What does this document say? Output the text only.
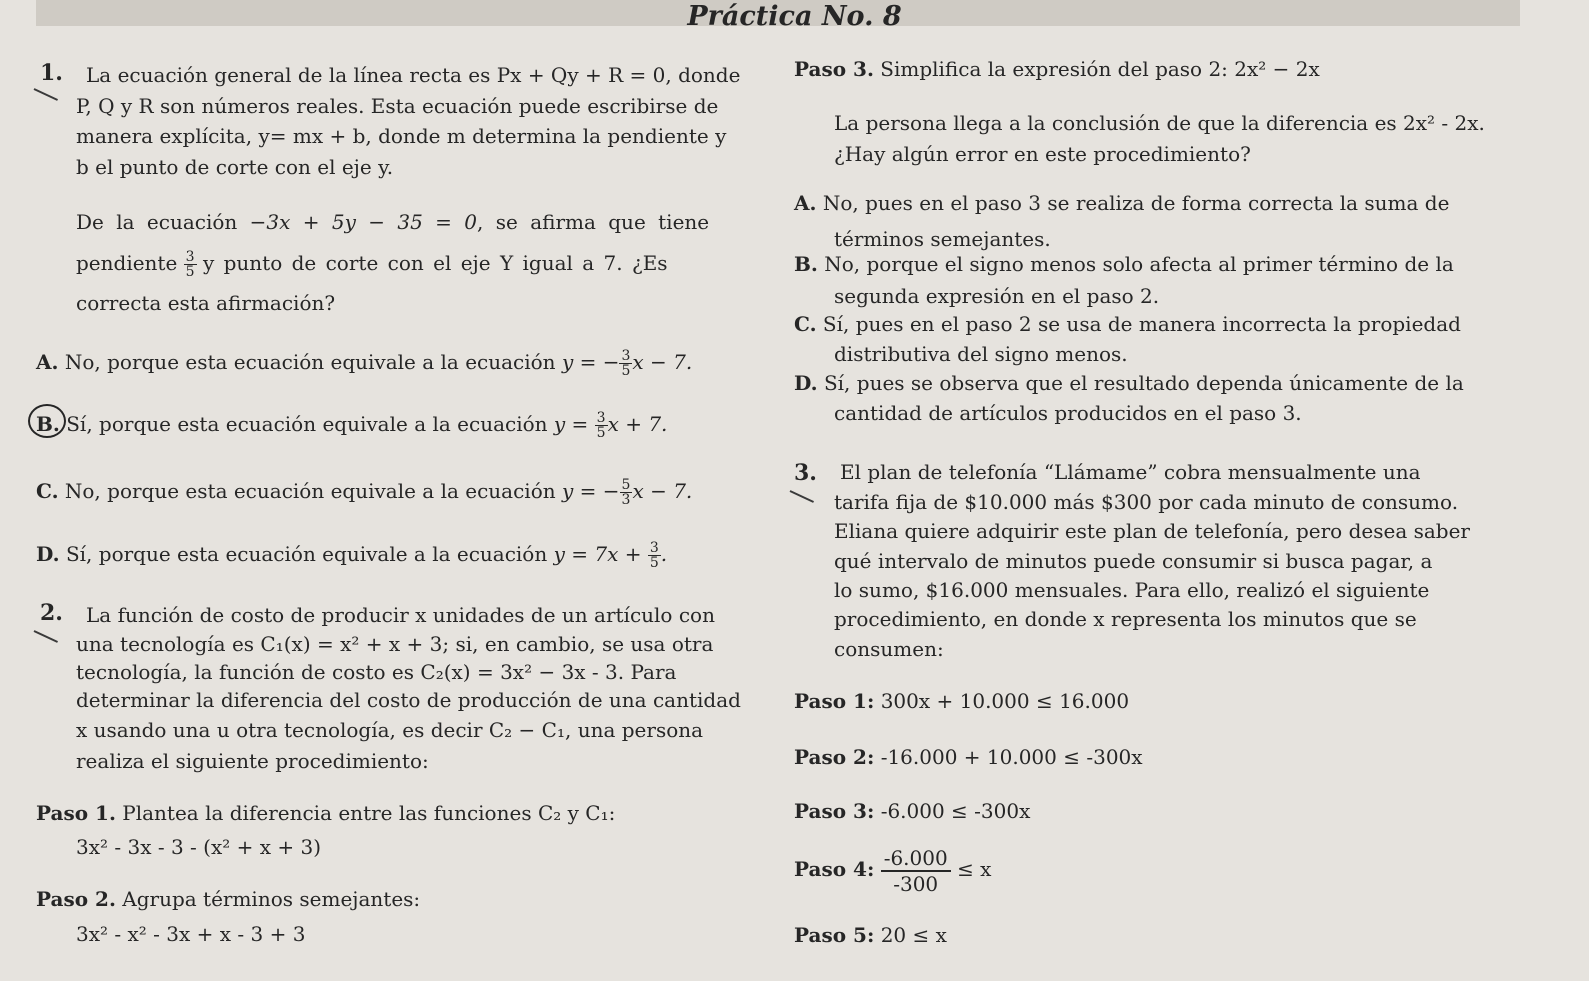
Práctica No. 8
1. La ecuación general de la línea recta es Px + Qy + R = 0, donde
P, Q y R son números reales. Esta ecuación puede escribirse de
manera explícita, y= mx + b, donde m determina la pendiente y
b el punto de corte con el eje y.
De la ecuación −3x + 5y − 35 = 0, se afirma que tiene
pendiente $\frac{3}{5}$ y punto de corte con el eje Y igual a 7. ¿Es
correcta esta afirmación?
A. No, porque esta ecuación equivale a la ecuación y = − $\frac{3}{5}$ x − 7.
B. Sí, porque esta ecuación equivale a la ecuación $y = \frac{3}{5}$ x + 7.
C. No, porque esta ecuación equivale a la ecuación y = − $\frac{5}{3}$ x − 7.
D. Sí, porque esta ecuación equivale a la ecuación $y = 7x + \frac{3}{5}$ .
2. La función de costo de producir x unidades de un artículo con
una tecnología es C₁(x) = x² + x + 3; si, en cambio, se usa otra
tecnología, la función de costo es C₂(x) = 3x² − 3x - 3. Para
determinar la diferencia del costo de producción de una cantidad
x usando una u otra tecnología, es decir C₂ − C₁, una persona
realiza el siguiente procedimiento:
Paso 1. Plantea la diferencia entre las funciones C₂ y C₁:
3x² - 3x - 3 - (x² + x + 3)
Paso 2. Agrupa términos semejantes:
3x² - x² - 3x + x - 3 + 3
Paso 3. Simplifica la expresión del paso 2: 2x² − 2x
La persona llega a la conclusión de que la diferencia es 2x² - 2x.
¿Hay algún error en este procedimiento?
A. No, pues en el paso 3 se realiza de forma correcta la suma de
términos semejantes.
B. No, porque el signo menos solo afecta al primer término de la
segunda expresión en el paso 2.
C. Sí, pues en el paso 2 se usa de manera incorrecta la propiedad
distributiva del signo menos.
D. Sí, pues se observa que el resultado dependa únicamente de la
cantidad de artículos producidos en el paso 3.
3. El plan de telefonía “Llámame” cobra mensualmente una
tarifa fija de $10.000 más $300 por cada minuto de consumo.
Eliana quiere adquirir este plan de telefonía, pero desea saber
qué intervalo de minutos puede consumir si busca pagar, a
lo sumo, $16.000 mensuales. Para ello, realizó el siguiente
procedimiento, en donde x representa los minutos que se
consumen:
Paso 1: 300x + 10.000 ≤ 16.000
Paso 2: -16.000 + 10.000 ≤ -300x
Paso 3: -6.000 ≤ -300x
Paso 4: $\frac{-6.000}{-300} \le x$
Paso 5: 20 ≤ x
